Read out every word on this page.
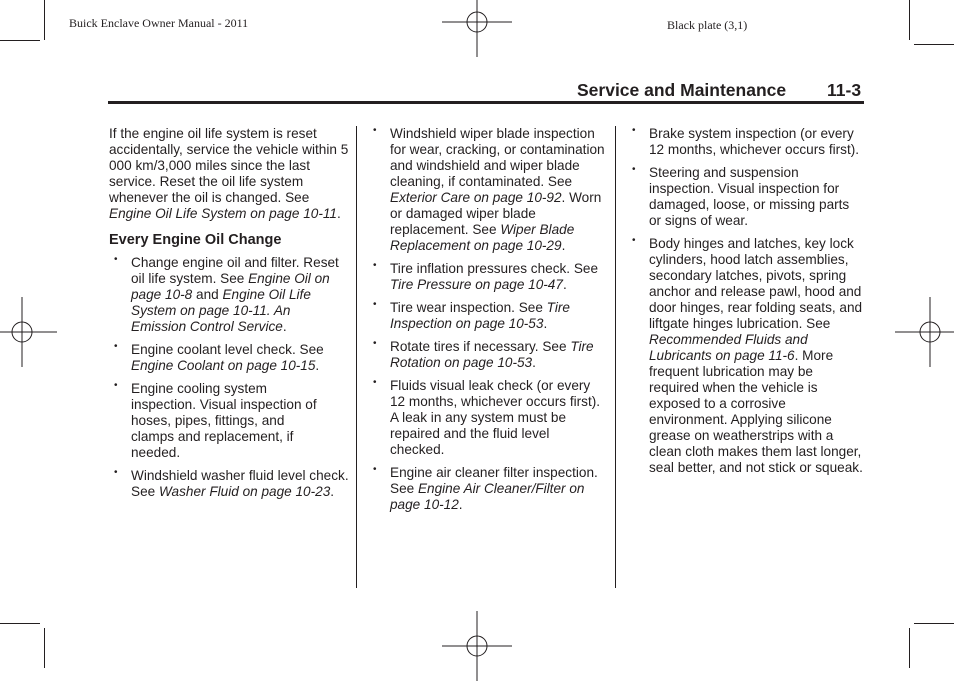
Buick Enclave Owner Manual - 2011	Black plate (3,1)
Service and Maintenance 11-3

If the engine oil life system is reset accidentally, service the vehicle within 5 000 km/3,000 miles since the last service. Reset the oil life system whenever the oil is changed. See Engine Oil Life System on page 10-11.

Every Engine Oil Change
• Change engine oil and filter. Reset oil life system. See Engine Oil on page 10-8 and Engine Oil Life System on page 10-11. An Emission Control Service.
• Engine coolant level check. See Engine Coolant on page 10-15.
• Engine cooling system inspection. Visual inspection of hoses, pipes, fittings, and clamps and replacement, if needed.
• Windshield washer fluid level check. See Washer Fluid on page 10-23.
• Windshield wiper blade inspection for wear, cracking, or contamination and windshield and wiper blade cleaning, if contaminated. See Exterior Care on page 10-92. Worn or damaged wiper blade replacement. See Wiper Blade Replacement on page 10-29.
• Tire inflation pressures check. See Tire Pressure on page 10-47.
• Tire wear inspection. See Tire Inspection on page 10-53.
• Rotate tires if necessary. See Tire Rotation on page 10-53.
• Fluids visual leak check (or every 12 months, whichever occurs first). A leak in any system must be repaired and the fluid level checked.
• Engine air cleaner filter inspection. See Engine Air Cleaner/Filter on page 10-12.
• Brake system inspection (or every 12 months, whichever occurs first).
• Steering and suspension inspection. Visual inspection for damaged, loose, or missing parts or signs of wear.
• Body hinges and latches, key lock cylinders, hood latch assemblies, secondary latches, pivots, spring anchor and release pawl, hood and door hinges, rear folding seats, and liftgate hinges lubrication. See Recommended Fluids and Lubricants on page 11-6. More frequent lubrication may be required when the vehicle is exposed to a corrosive environment. Applying silicone grease on weatherstrips with a clean cloth makes them last longer, seal better, and not stick or squeak.
